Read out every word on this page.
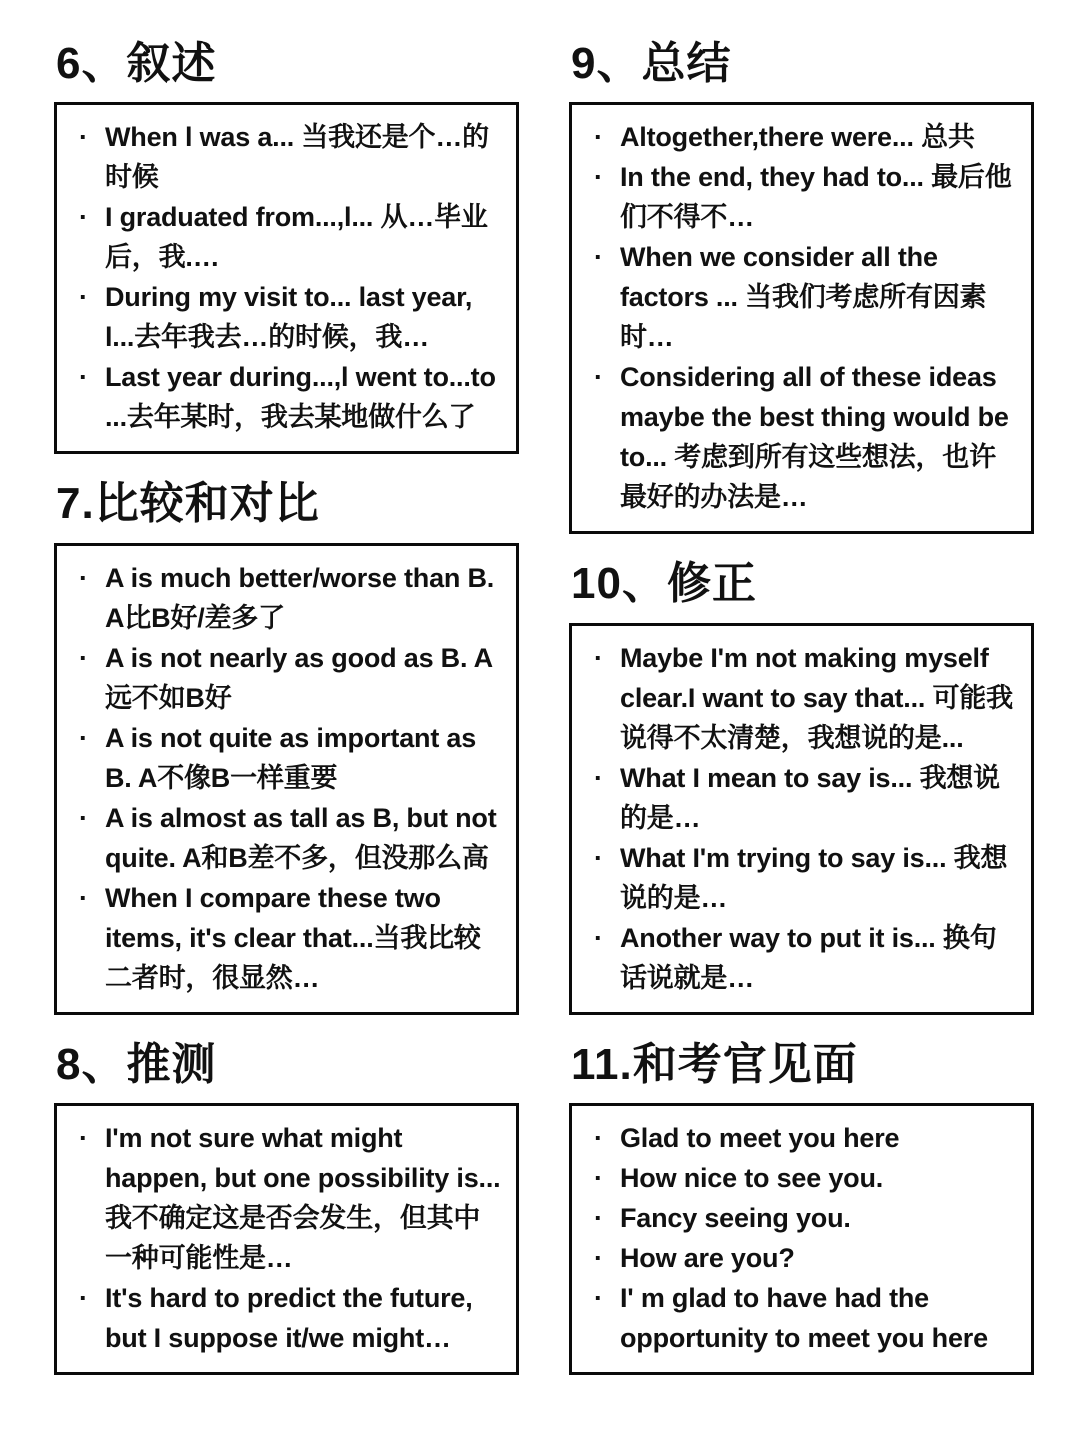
6、叙述
· When l was a... 当我还是个…的时候
· I graduated from...,l... 从…毕业后，我.…
· During my visit to... last year, l...去年我去…的时候，我…
· Last year during...,l went to...to ...去年某时，我去某地做什么了
7.比较和对比
· A is much better/worse than B. A比B好/差多了
· A is not nearly as good as B. A远不如B好
· A is not quite as important as B. A不像B一样重要
· A is almost as tall as B, but not quite. A和B差不多，但没那么高
· When I compare these two items, it's clear that...当我比较二者时，很显然…
8、推测
· I'm not sure what might happen, but one possibility is... 我不确定这是否会发生，但其中一种可能性是…
· It's hard to predict the future, but I suppose it/we might…
9、总结
· Altogether,there were... 总共
· In the end, they had to... 最后他们不得不…
· When we consider all the factors ... 当我们考虑所有因素时…
· Considering all of these ideas maybe the best thing would be to... 考虑到所有这些想法，也许最好的办法是…
10、修正
· Maybe I'm not making myself clear.I want to say that... 可能我说得不太清楚，我想说的是...
· What I mean to say is... 我想说的是…
· What I'm trying to say is... 我想说的是…
· Another way to put it is... 换句话说就是…
11.和考官见面
· Glad to meet you here
· How nice to see you.
· Fancy seeing you.
· How are you?
· I' m glad to have had the opportunity to meet you here
